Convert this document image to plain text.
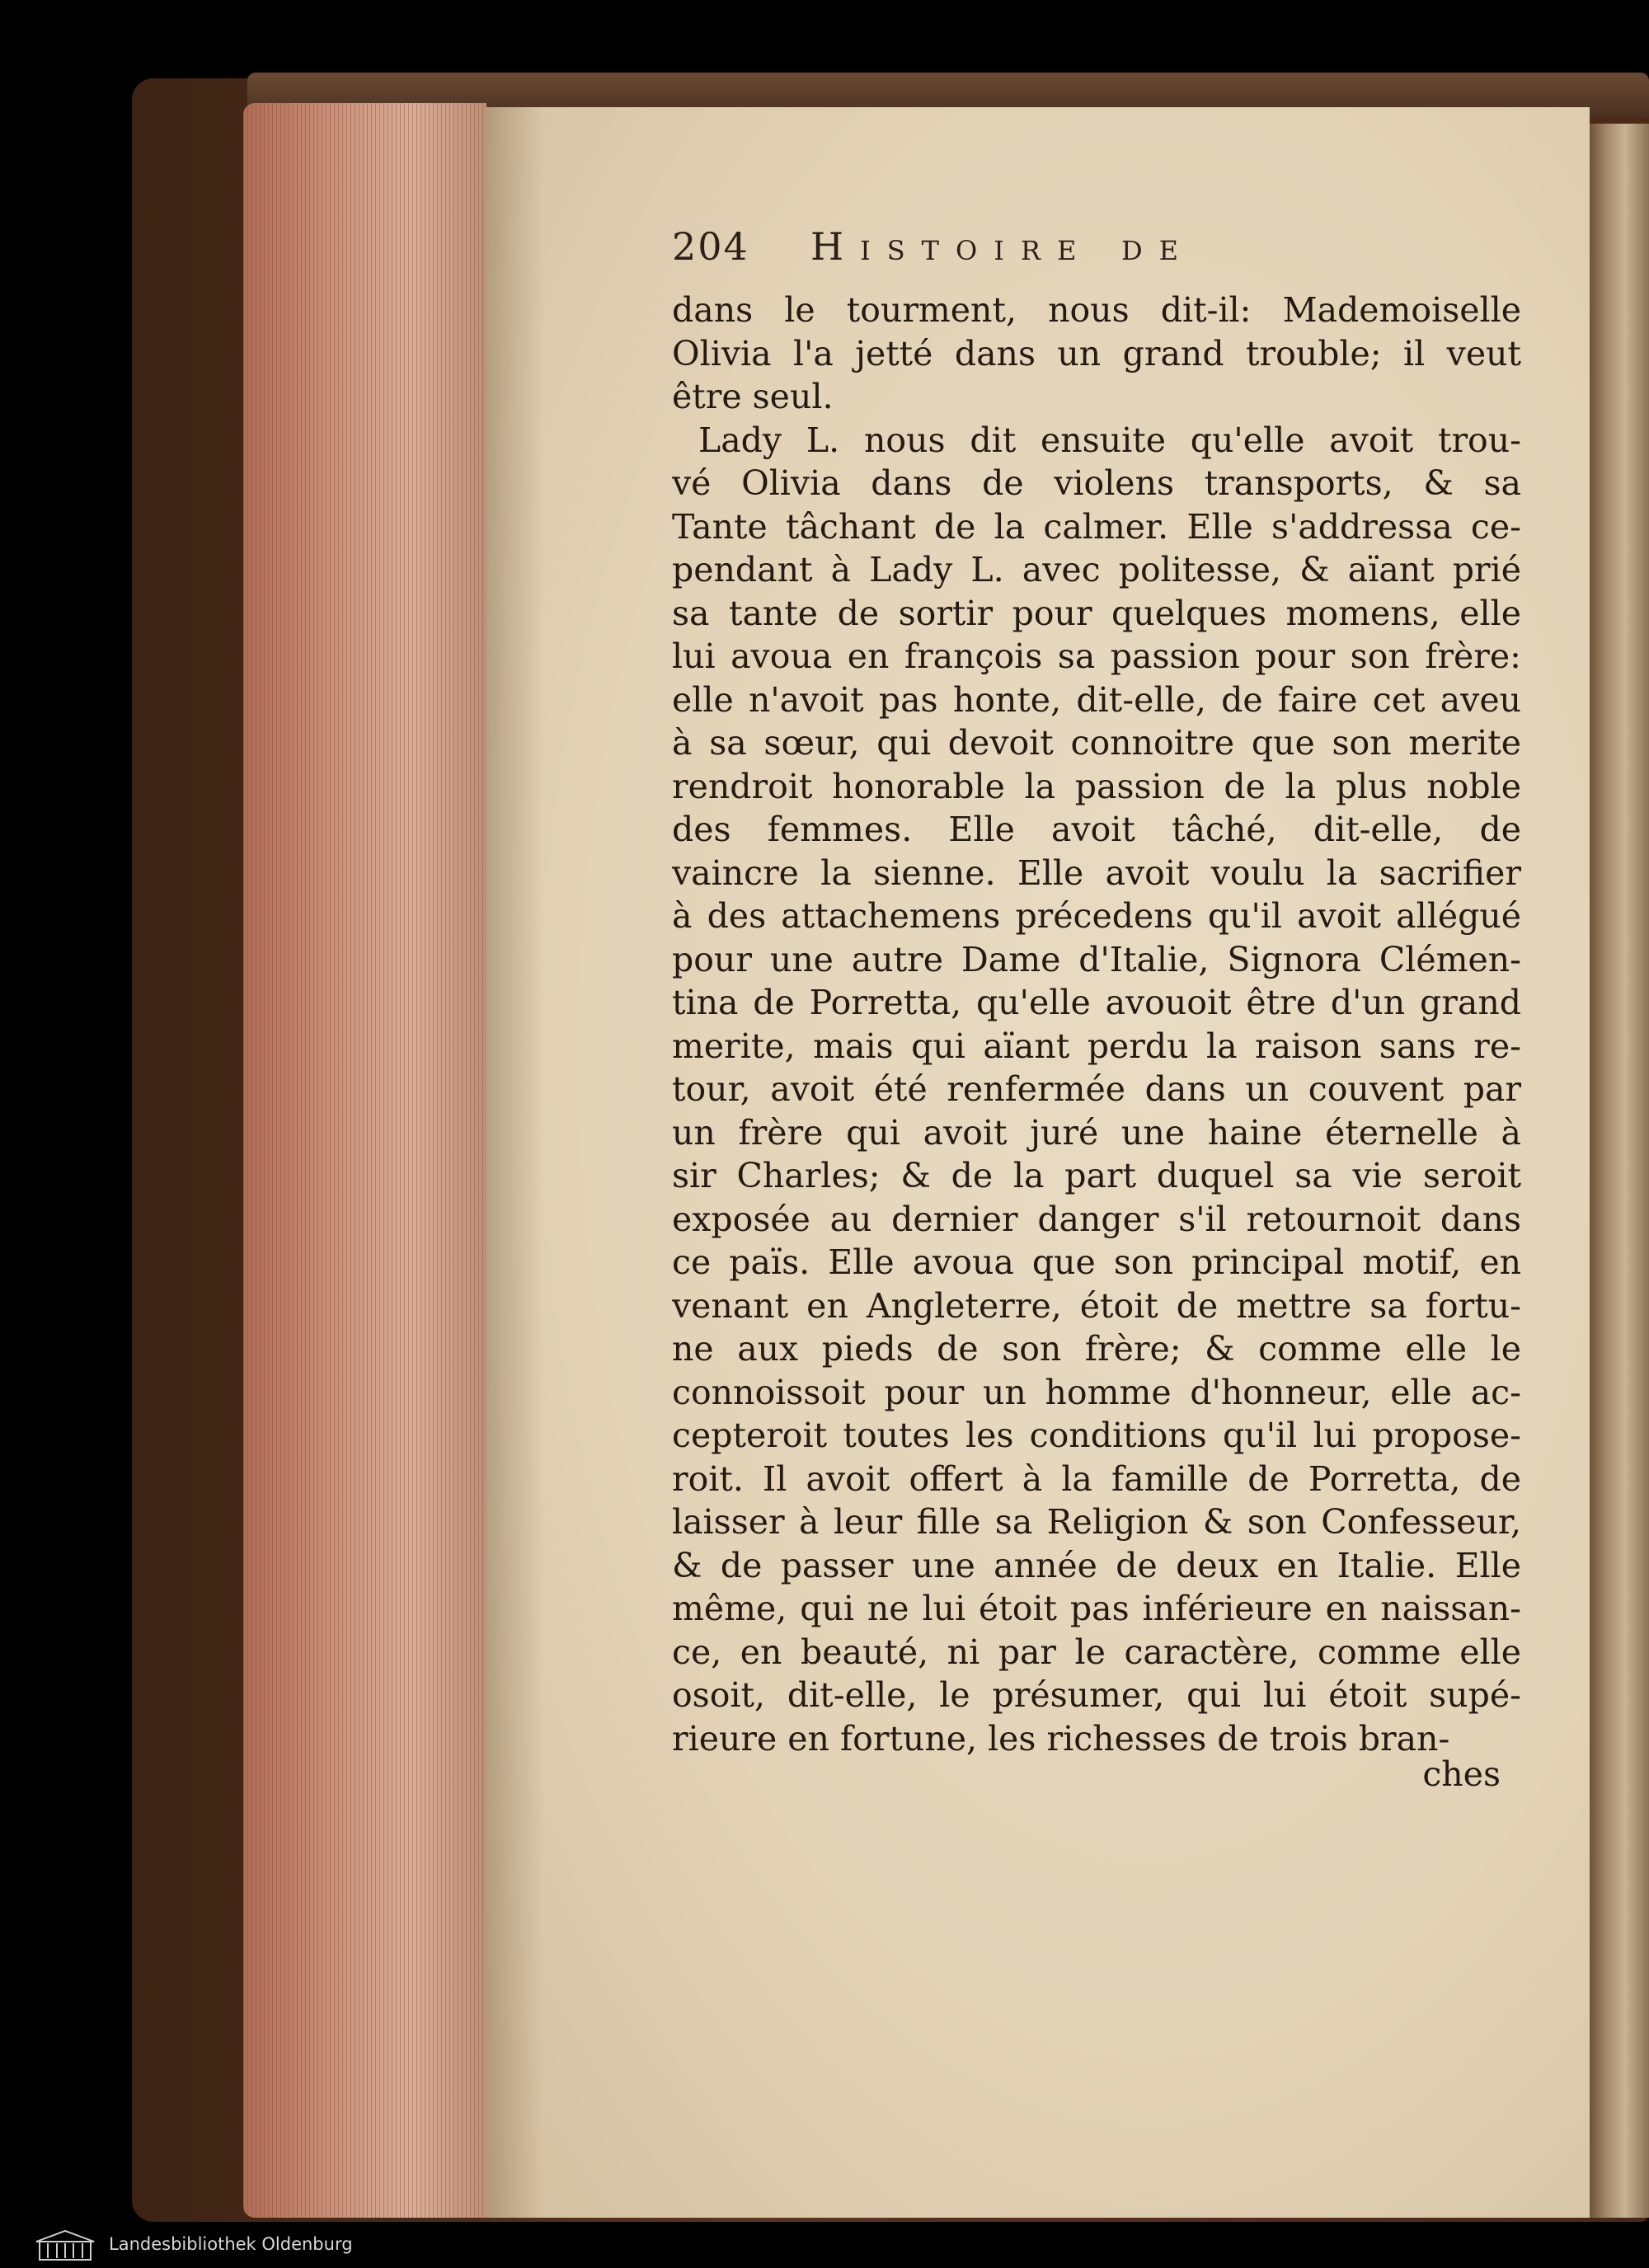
204 Histoire de
dans le tourment, nous dit-il: Mademoiselle
Olivia l'a jetté dans un grand trouble; il veut
être seul.
Lady L. nous dit ensuite qu'elle avoit trou-
vé Olivia dans de violens transports, & sa
Tante tâchant de la calmer. Elle s'addressa ce-
pendant à Lady L. avec politesse, & aïant prié
sa tante de sortir pour quelques momens, elle
lui avoua en françois sa passion pour son frère:
elle n'avoit pas honte, dit-elle, de faire cet aveu
à sa sœur, qui devoit connoitre que son merite
rendroit honorable la passion de la plus noble
des femmes. Elle avoit tâché, dit-elle, de
vaincre la sienne. Elle avoit voulu la sacrifier
à des attachemens précedens qu'il avoit allégué
pour une autre Dame d'Italie, Signora Clémen-
tina de Porretta, qu'elle avouoit être d'un grand
merite, mais qui aïant perdu la raison sans re-
tour, avoit été renfermée dans un couvent par
un frère qui avoit juré une haine éternelle à
sir Charles; & de la part duquel sa vie seroit
exposée au dernier danger s'il retournoit dans
ce païs. Elle avoua que son principal motif, en
venant en Angleterre, étoit de mettre sa fortu-
ne aux pieds de son frère; & comme elle le
connoissoit pour un homme d'honneur, elle ac-
cepteroit toutes les conditions qu'il lui propose-
roit. Il avoit offert à la famille de Porretta, de
laisser à leur fille sa Religion & son Confesseur,
& de passer une année de deux en Italie. Elle
même, qui ne lui étoit pas inférieure en naissan-
ce, en beauté, ni par le caractère, comme elle
osoit, dit-elle, le présumer, qui lui étoit supé-
rieure en fortune, les richesses de trois bran-
ches
Landesbibliothek Oldenburg
